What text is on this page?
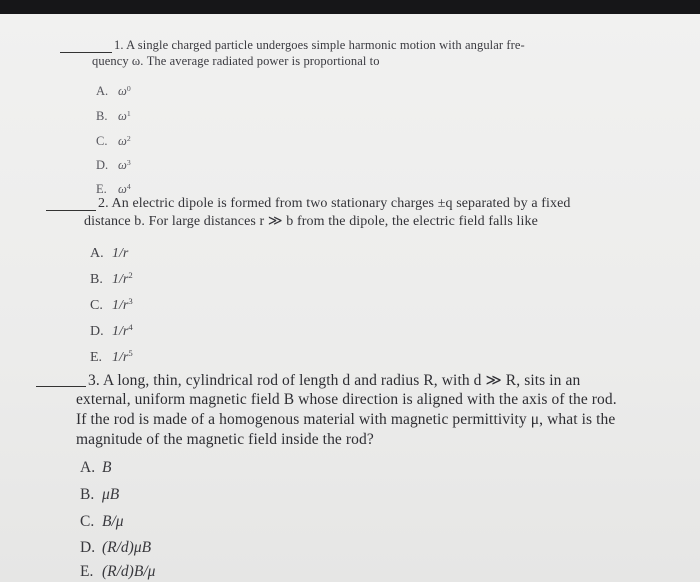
1. A single charged particle undergoes simple harmonic motion with angular fre-
quency ω. The average radiated power is proportional to
A. $\omega^0$
B. $\omega^1$
C. $\omega^2$
D. $\omega^3$
E. $\omega^4$
2. An electric dipole is formed from two stationary charges ±q separated by a fixed
distance b. For large distances r ≫ b from the dipole, the electric field falls like
A. 1/r
B. $1/r^2$
C. $1/r^3$
D. $1/r^4$
E. $1/r^5$
3. A long, thin, cylindrical rod of length d and radius R, with d ≫ R, sits in an
external, uniform magnetic field B whose direction is aligned with the axis of the rod.
If the rod is made of a homogenous material with magnetic permittivity μ, what is the
magnitude of the magnetic field inside the rod?
A. B
B. μB
C. B/μ
D. (R/d)μB
E. (R/d)B/μ
